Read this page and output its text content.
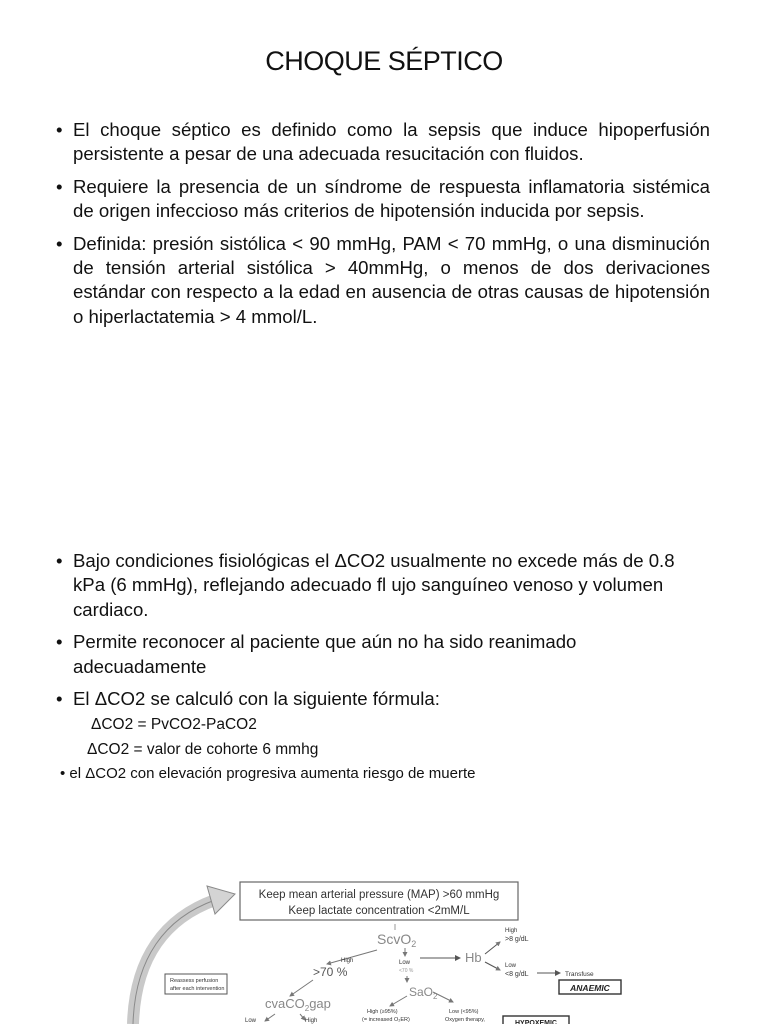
CHOQUE SÉPTICO
• El choque séptico es definido como la sepsis que induce hipoperfusión persistente a pesar de una adecuada resucitación con fluidos.
• Requiere la presencia de un síndrome de respuesta inflamatoria sistémica de origen infeccioso más criterios de hipotensión inducida por sepsis.
• Definida: presión sistólica < 90 mmHg, PAM < 70 mmHg, o una disminución de tensión arterial sistólica > 40mmHg, o menos de dos derivaciones estándar con respecto a la edad en ausencia de otras causas de hipotensión o hiperlactatemia > 4 mmol/L.
• Bajo condiciones fisiológicas el ΔCO2 usualmente no excede más de 0.8 kPa (6 mmHg), reflejando adecuado fl ujo sanguíneo venoso y volumen cardiaco.
• Permite reconocer al paciente que aún no ha sido reanimado adecuadamente
• El ΔCO2 se calculó con la siguiente fórmula:
ΔCO2 = PvCO2-PaCO2
ΔCO2 = valor de cohorte 6 mmhg
• el ΔCO2 con elevación progresiva aumenta riesgo de muerte
Keep mean arterial pressure (MAP) >60 mmHg
Keep lactate concentration <2mM/L
ScvO$_2$
High
>70 %
Low
<70 %
Hb
High
>8 g/dL
Low
<8 g/dL	Transfuse
ANAEMIC
Reassess perfusion
after each intervention
cvaCO$_2$gap
Low	High
SaO$_2$
High (≥95%)
(= increased O₂ER)
Low (<95%)
Oxygen therapy,	HYPOXEMIC
